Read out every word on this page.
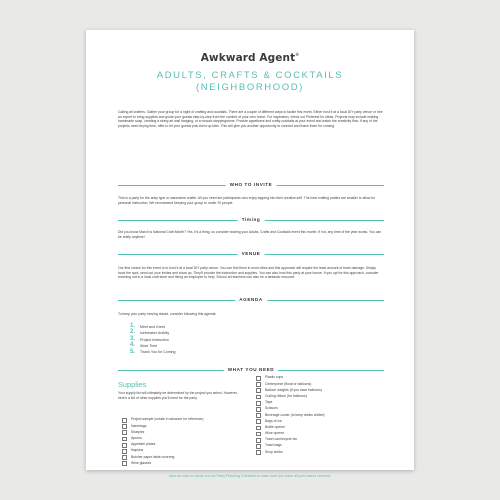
Awkward Agent®
ADULTS, CRAFTS & COCKTAILS
(NEIGHBORHOOD)
Calling all crafters. Gather your group for a night of crafting and cocktails. There are a couple of different ways to tackle this event. Either host it at a local DIY party venue or hire an expert to bring supplies and guide your guests step-by-step from the comfort of your own home. For inspiration, check out Pinterest for ideas. Projects may include making handmade soap, creating a string art wall hanging, or a mosaic steppingstone. Provide appetizers and crafty cocktails at your event and watch the creativity flow. If any of the projects need drying time, offer to let your guests pick them up later. This will give you another opportunity to connect and thank them for coming.
WHO TO INVITE
This is a party for the artsy type or wannabee crafter. All you need are participants who enjoy tapping into their creative self. The best crafting parties are smaller to allow for personal instruction. We recommend keeping your group to under 20 people.
Timing
Did you know March is National Craft Month? Yes, it's a thing, so consider hosting your Adults, Crafts and Cocktails event this month. If not, any time of the year works. You can be crafty anytime!
VENUE
Our first choice for this event is to host it at a local DIY party venue. You can find them in most cities and this approach will require the least amount of brain damage. Simply book the spot, send out your invites and show up. They'll provide the instruction and supplies. You can also host this party at your house. If you opt for this approach, consider reaching out to a local craft store and hiring an employee to help. School art teachers can also be a fantastic resource.
AGENDA
To keep your party moving ahead, consider following this agenda:
1. Meet and Greet
2. Icebreaker Activity
3. Project Instruction
4. Work Time
5. Thank You for Coming
WHAT YOU NEED
Supplies
Your supply list will ultimately be determined by the project you select. However, here's a list of other supplies you'll need for the party.
Project sample (create in advance for reference)
Nametags
Sharpies
Aprons
Appetizer plates
Napkins
Butcher paper table covering
Wine glasses
Plastic cups
Centerpiece (floral or balloons)
Balloon weights (if you have balloons)
Curling ribbon (for balloons)
Tape
Scissors
Beverage cooler (to keep drinks chilled)
Bags of ice
Bottle opener
Wine opener
Trash can/recycle bin
Trash bags
Shop cloths
Also be sure to check out our Party Planning Checklist to make sure you have all your bases covered.
